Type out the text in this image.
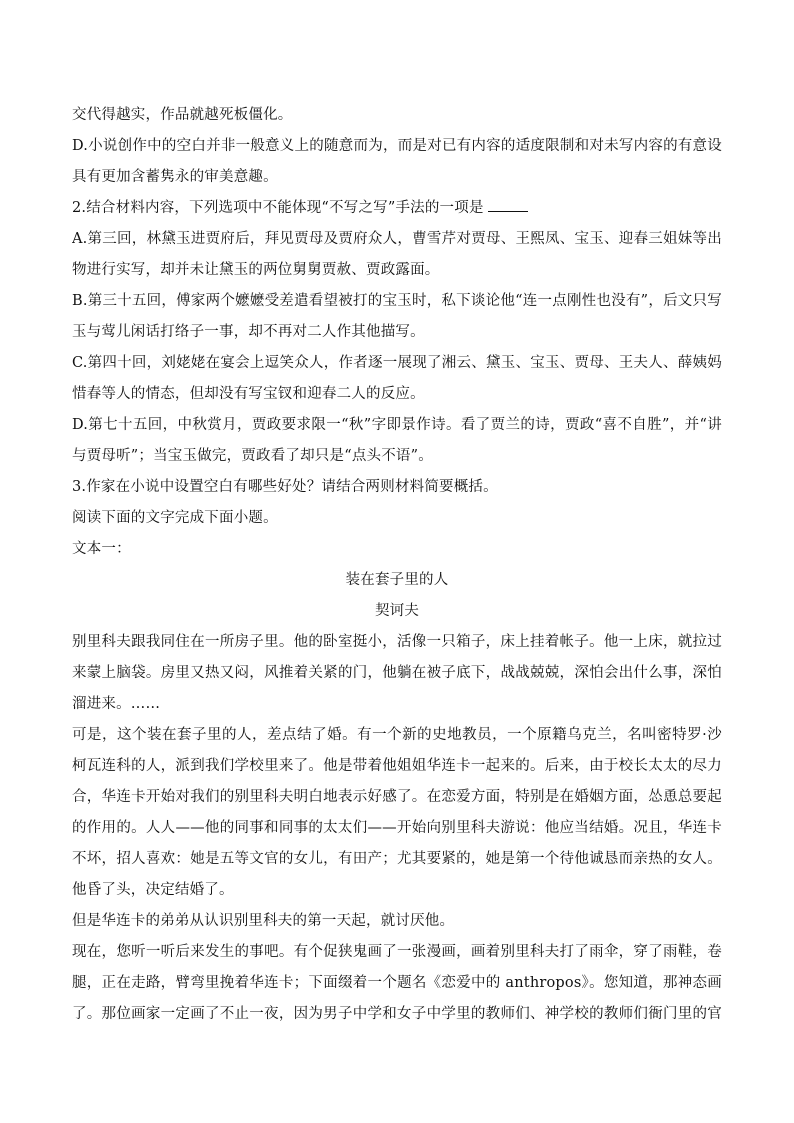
交代得越实，作品就越死板僵化。
D.小说创作中的空白并非一般意义上的随意而为，而是对已有内容的适度限制和对未写内容的有意设
具有更加含蓄隽永的审美意趣。
2.结合材料内容，下列选项中不能体现“不写之写”手法的一项是
A.第三回，林黛玉进贾府后，拜见贾母及贾府众人，曹雪芹对贾母、王熙凤、宝玉、迎春三姐妹等出
物进行实写，却并未让黛玉的两位舅舅贾赦、贾政露面。
B.第三十五回，傅家两个嬷嬷受差遣看望被打的宝玉时，私下谈论他“连一点刚性也没有”，后文只写
玉与莺儿闲话打络子一事，却不再对二人作其他描写。
C.第四十回，刘姥姥在宴会上逗笑众人，作者逐一展现了湘云、黛玉、宝玉、贾母、王夫人、薛姨妈
惜春等人的情态，但却没有写宝钗和迎春二人的反应。
D.第七十五回，中秋赏月，贾政要求限一“秋”字即景作诗。看了贾兰的诗，贾政“喜不自胜”，并“讲
与贾母听”；当宝玉做完，贾政看了却只是“点头不语”。
3.作家在小说中设置空白有哪些好处？请结合两则材料简要概括。
阅读下面的文字完成下面小题。
文本一：
装在套子里的人
契诃夫
别里科夫跟我同住在一所房子里。他的卧室挺小，活像一只箱子，床上挂着帐子。他一上床，就拉过
来蒙上脑袋。房里又热又闷，风推着关紧的门，他躺在被子底下，战战兢兢，深怕会出什么事，深怕
溜进来。……
可是，这个装在套子里的人，差点结了婚。有一个新的史地教员，一个原籍乌克兰，名叫密特罗·沙
柯瓦连科的人，派到我们学校里来了。他是带着他姐姐华连卡一起来的。后来，由于校长太太的尽力
合，华连卡开始对我们的别里科夫明白地表示好感了。在恋爱方面，特别是在婚姻方面，怂恿总要起
的作用的。人人——他的同事和同事的太太们——开始向别里科夫游说：他应当结婚。况且，华连卡
不坏，招人喜欢：她是五等文官的女儿，有田产；尤其要紧的，她是第一个待他诚恳而亲热的女人。
他昏了头，决定结婚了。
但是华连卡的弟弟从认识别里科夫的第一天起，就讨厌他。
现在，您听一听后来发生的事吧。有个促狭鬼画了一张漫画，画着别里科夫打了雨伞，穿了雨鞋，卷
腿，正在走路，臂弯里挽着华连卡；下面缀着一个题名《恋爱中的 anthropos》。您知道，那神态画
了。那位画家一定画了不止一夜，因为男子中学和女子中学里的教师们、神学校的教师们衙门里的官
